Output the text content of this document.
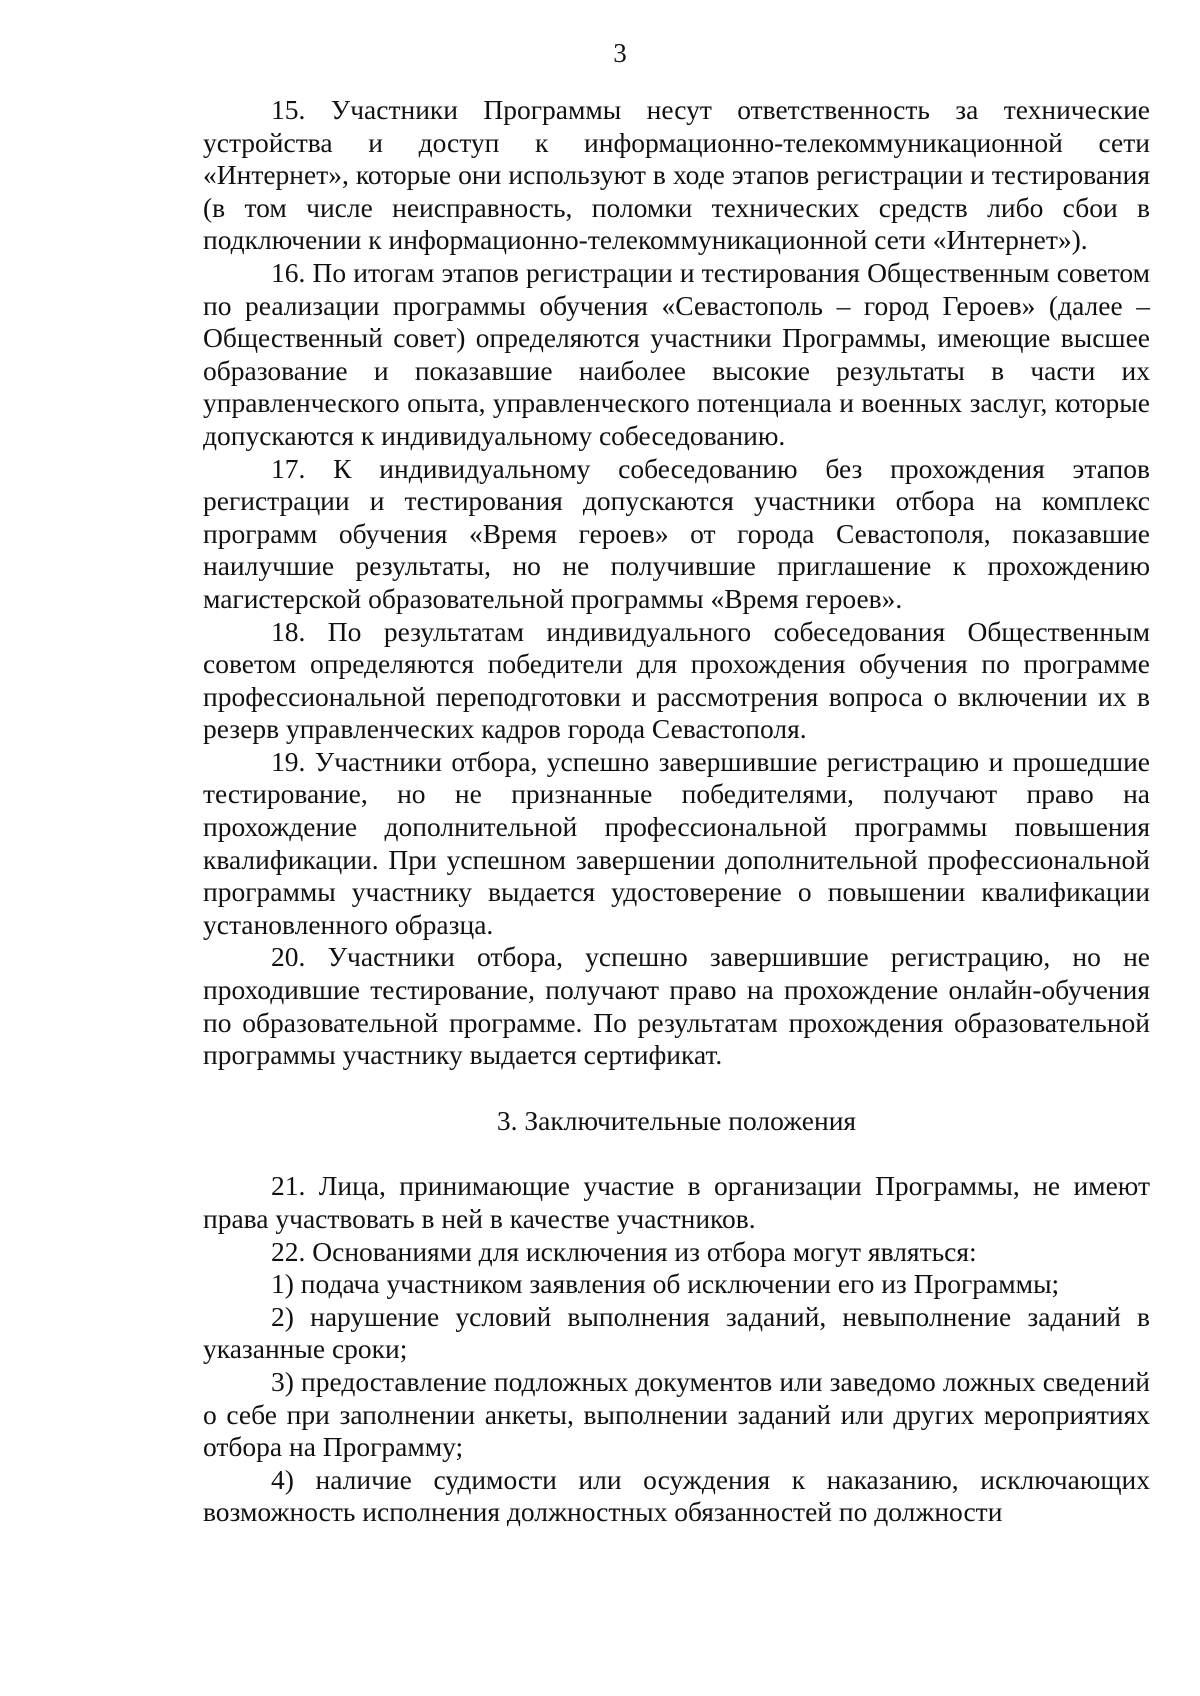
3

15. Участники Программы несут ответственность за технические устройства и доступ к информационно-телекоммуникационной сети «Интернет», которые они используют в ходе этапов регистрации и тестирования (в том числе неисправность, поломки технических средств либо сбои в подключении к информационно-телекоммуникационной сети «Интернет»).

16. По итогам этапов регистрации и тестирования Общественным советом по реализации программы обучения «Севастополь – город Героев» (далее – Общественный совет) определяются участники Программы, имеющие высшее образование и показавшие наиболее высокие результаты в части их управленческого опыта, управленческого потенциала и военных заслуг, которые допускаются к индивидуальному собеседованию.

17. К индивидуальному собеседованию без прохождения этапов регистрации и тестирования допускаются участники отбора на комплекс программ обучения «Время героев» от города Севастополя, показавшие наилучшие результаты, но не получившие приглашение к прохождению магистерской образовательной программы «Время героев».

18. По результатам индивидуального собеседования Общественным советом определяются победители для прохождения обучения по программе профессиональной переподготовки и рассмотрения вопроса о включении их в резерв управленческих кадров города Севастополя.

19. Участники отбора, успешно завершившие регистрацию и прошедшие тестирование, но не признанные победителями, получают право на прохождение дополнительной профессиональной программы повышения квалификации. При успешном завершении дополнительной профессиональной программы участнику выдается удостоверение о повышении квалификации установленного образца.

20. Участники отбора, успешно завершившие регистрацию, но не проходившие тестирование, получают право на прохождение онлайн-обучения по образовательной программе. По результатам прохождения образовательной программы участнику выдается сертификат.

3. Заключительные положения

21. Лица, принимающие участие в организации Программы, не имеют права участвовать в ней в качестве участников.

22. Основаниями для исключения из отбора могут являться:

1) подача участником заявления об исключении его из Программы;

2) нарушение условий выполнения заданий, невыполнение заданий в указанные сроки;

3) предоставление подложных документов или заведомо ложных сведений о себе при заполнении анкеты, выполнении заданий или других мероприятиях отбора на Программу;

4) наличие судимости или осуждения к наказанию, исключающих возможность исполнения должностных обязанностей по должности
